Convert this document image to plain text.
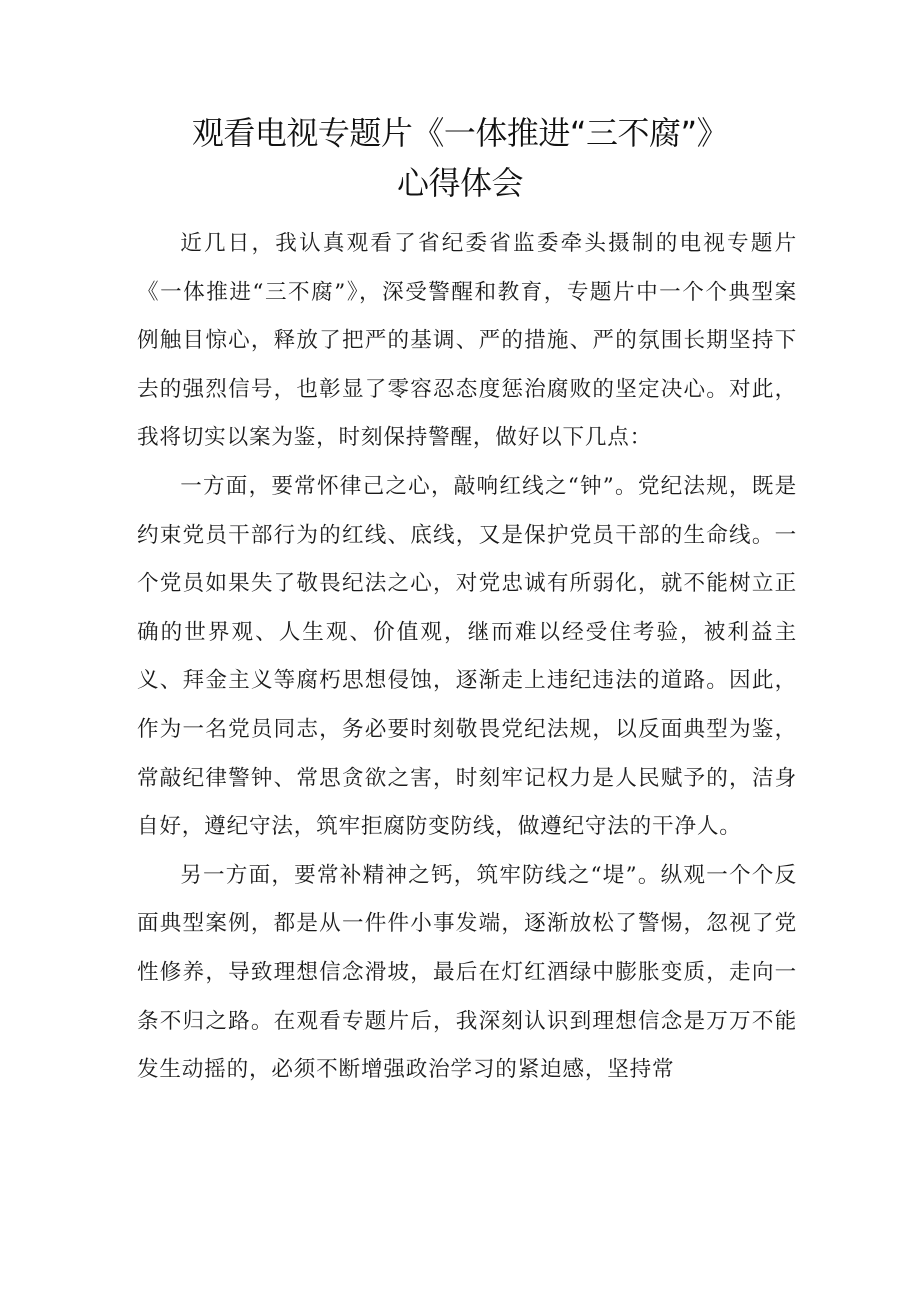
观看电视专题片《一体推进“三不腐”》
心得体会

近几日，我认真观看了省纪委省监委牵头摄制的电视专题片《一体推进“三不腐”》，深受警醒和教育，专题片中一个个典型案例触目惊心，释放了把严的基调、严的措施、严的氛围长期坚持下去的强烈信号，也彰显了零容忍态度惩治腐败的坚定决心。对此，我将切实以案为鉴，时刻保持警醒，做好以下几点：

一方面，要常怀律己之心，敲响红线之“钟”。党纪法规，既是约束党员干部行为的红线、底线，又是保护党员干部的生命线。一个党员如果失了敬畏纪法之心，对党忠诚有所弱化，就不能树立正确的世界观、人生观、价值观，继而难以经受住考验，被利益主义、拜金主义等腐朽思想侵蚀，逐渐走上违纪违法的道路。因此，作为一名党员同志，务必要时刻敬畏党纪法规，以反面典型为鉴，常敲纪律警钟、常思贪欲之害，时刻牢记权力是人民赋予的，洁身自好，遵纪守法，筑牢拒腐防变防线，做遵纪守法的干净人。

另一方面，要常补精神之钙，筑牢防线之“堤”。纵观一个个反面典型案例，都是从一件件小事发端，逐渐放松了警惕，忽视了党性修养，导致理想信念滑坡，最后在灯红酒绿中膨胀变质，走向一条不归之路。在观看专题片后，我深刻认识到理想信念是万万不能发生动摇的，必须不断增强政治学习的紧迫感，坚持常
